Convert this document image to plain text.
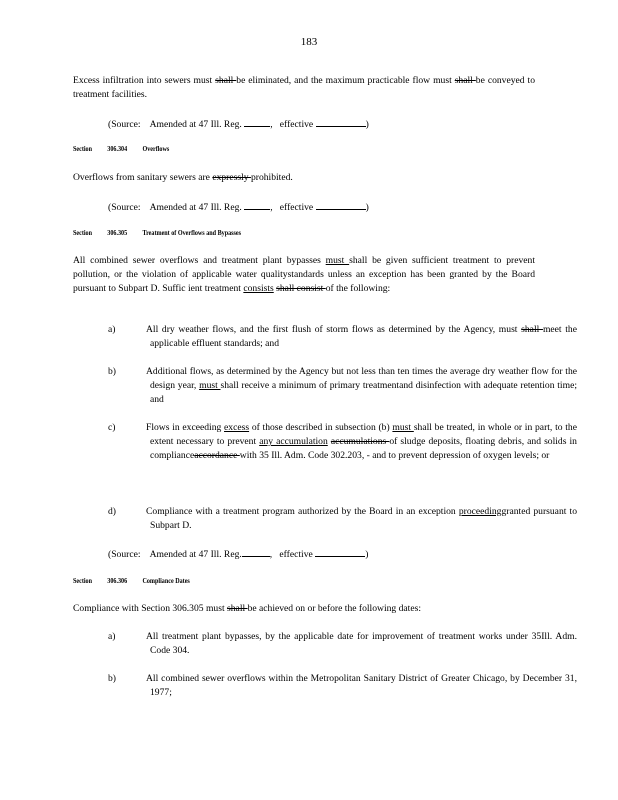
183
Excess infiltration into sewers must shall be eliminated, and the maximum practicable flow must shall be conveyed to treatment facilities.
(Source: Amended at 47 Ill. Reg.	, effective	)
Section 306.304 Overflows
Overflows from sanitary sewers are expressly prohibited.
(Source: Amended at 47 Ill. Reg.	, effective	)
Section 306.305 Treatment of Overflows and Bypasses
All combined sewer overflows and treatment plant bypasses must shall be given sufficient treatment to prevent pollution, or the violation of applicable water qualitystandards unless an exception has been granted by the Board pursuant to Subpart D. Suffic ient treatment consists shall consist of the following:
a)	All dry weather flows, and the first flush of storm flows as determined by the Agency, must shall meet the applicable effluent standards; and
b)	Additional flows, as determined by the Agency but not less than ten times the average dry weather flow for the design year, must shall receive a minimum of primary treatmentand disinfection with adequate retention time; and
c)	Flows in exceeding excess of those described in subsection (b) must shall be treated, in whole or in part, to the extent necessary to prevent any accumulation accumulations of sludge deposits, floating debris, and solids in complianceaccordance with 35 Ill. Adm. Code 302.203, - and to prevent depression of oxygen levels; or
d)	Compliance with a treatment program authorized by the Board in an exception proceedinggranted pursuant to Subpart D.
(Source: Amended at 47 Ill. Reg.	, effective	)
Section 306.306 Compliance Dates
Compliance with Section 306.305 must shall be achieved on or before the following dates:
a)	All treatment plant bypasses, by the applicable date for improvement of treatment works under 35Ill. Adm. Code 304.
b)	All combined sewer overflows within the Metropolitan Sanitary District of Greater Chicago, by December 31, 1977;
